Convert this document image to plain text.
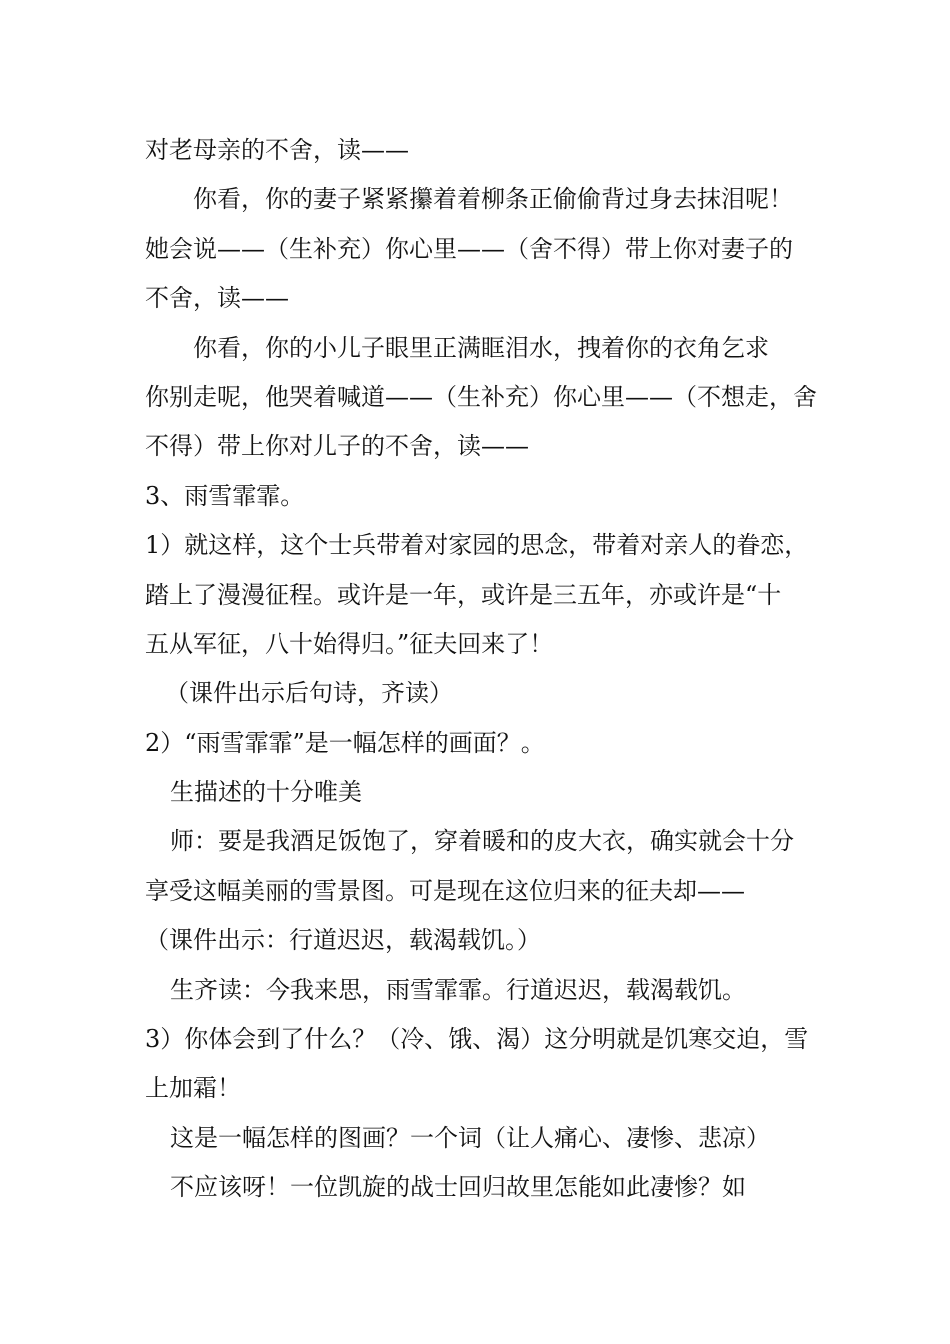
对老母亲的不舍，读——
你看，你的妻子紧紧攥着着柳条正偷偷背过身去抹泪呢！
她会说——（生补充）你心里——（舍不得）带上你对妻子的
不舍，读——
你看，你的小儿子眼里正满眶泪水，拽着你的衣角乞求
你别走呢，他哭着喊道——（生补充）你心里——（不想走，舍
不得）带上你对儿子的不舍，读——
3、雨雪霏霏。
1）就这样，这个士兵带着对家园的思念，带着对亲人的眷恋，
踏上了漫漫征程。或许是一年，或许是三五年，亦或许是“十
五从军征，八十始得归。”征夫回来了！
（课件出示后句诗，齐读）
2）“雨雪霏霏”是一幅怎样的画面？。
生描述的十分唯美
师：要是我酒足饭饱了，穿着暖和的皮大衣，确实就会十分
享受这幅美丽的雪景图。可是现在这位归来的征夫却——
（课件出示：行道迟迟，载渴载饥。）
生齐读：今我来思，雨雪霏霏。行道迟迟，载渴载饥。
3）你体会到了什么？（冷、饿、渴）这分明就是饥寒交迫，雪
上加霜！
这是一幅怎样的图画？一个词（让人痛心、凄惨、悲凉）
不应该呀！一位凯旋的战士回归故里怎能如此凄惨？如
